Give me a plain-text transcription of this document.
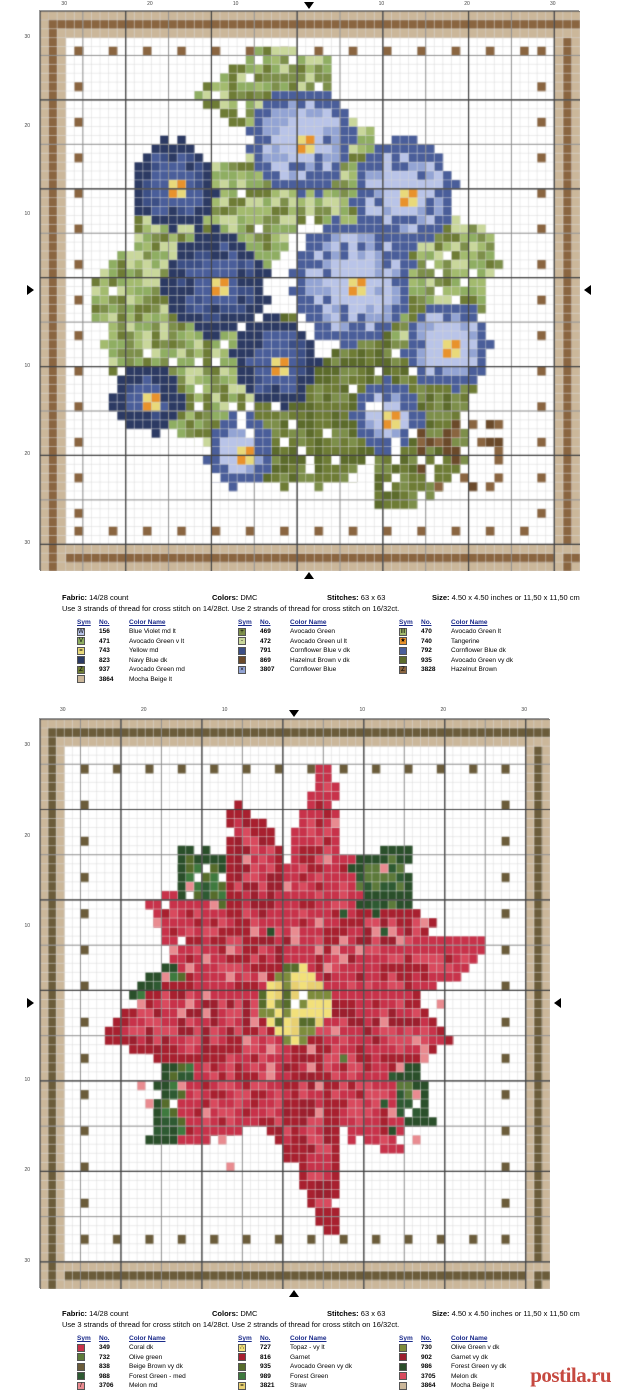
30	20	10	10	20	30
30
20
10
10
20
30
Fabric: 14/28 count	Colors: DMC	Stitches: 63 x 63	Size: 4.50 x 4.50 inches or 11,50 x 11,50 cm
Use 3 strands of thread for cross stitch on 14/28ct. Use 2 strands of thread for cross stitch on 16/32ct.
Sym	No.	Color Name
W 156	Blue Violet md lt
V	471	Avocado Green v lt
=	743	Yellow md
823	Navy Blue dk
Z	937	Avocado Green md
3864	Mocha Beige lt
Sym	No.	Color Name
+	469	Avocado Green
-	472	Avocado Green ul lt
791	Cornflower Blue v dk
869	Hazelnut Brown v dk
×	3807	Cornflower Blue
Sym	No.	Color Name
III 470	Avocado Green lt
★ 740	Tangerine
792	Cornflower Blue dk
935	Avocado Green vy dk
Z	3828	Hazelnut Brown
30	20	10	10	20	30
30
20
10
10
20
30
Fabric: 14/28 count	Colors: DMC	Stitches: 63 x 63	Size: 4.50 x 4.50 inches or 11,50 x 11,50 cm
Use 3 strands of thread for cross stitch on 14/28ct. Use 2 strands of thread for cross stitch on 16/32ct.
Sym	No.	Color Name
349	Coral dk
732	Olive green
838	Beige Brown vy dk
988	Forest Green - med
/	3706	Melon md
Sym	No.	Color Name
∴	727	Topaz - vy lt
816	Garnet
935	Avocado Green vy dk
989	Forest Green
=	3821	Straw
Sym	No.	Color Name
730	Olive Green v dk
902	Garnet vy dk
986	Forest Green vy dk
3705	Melon dk
3864	Mocha Beige lt	postila.ru
